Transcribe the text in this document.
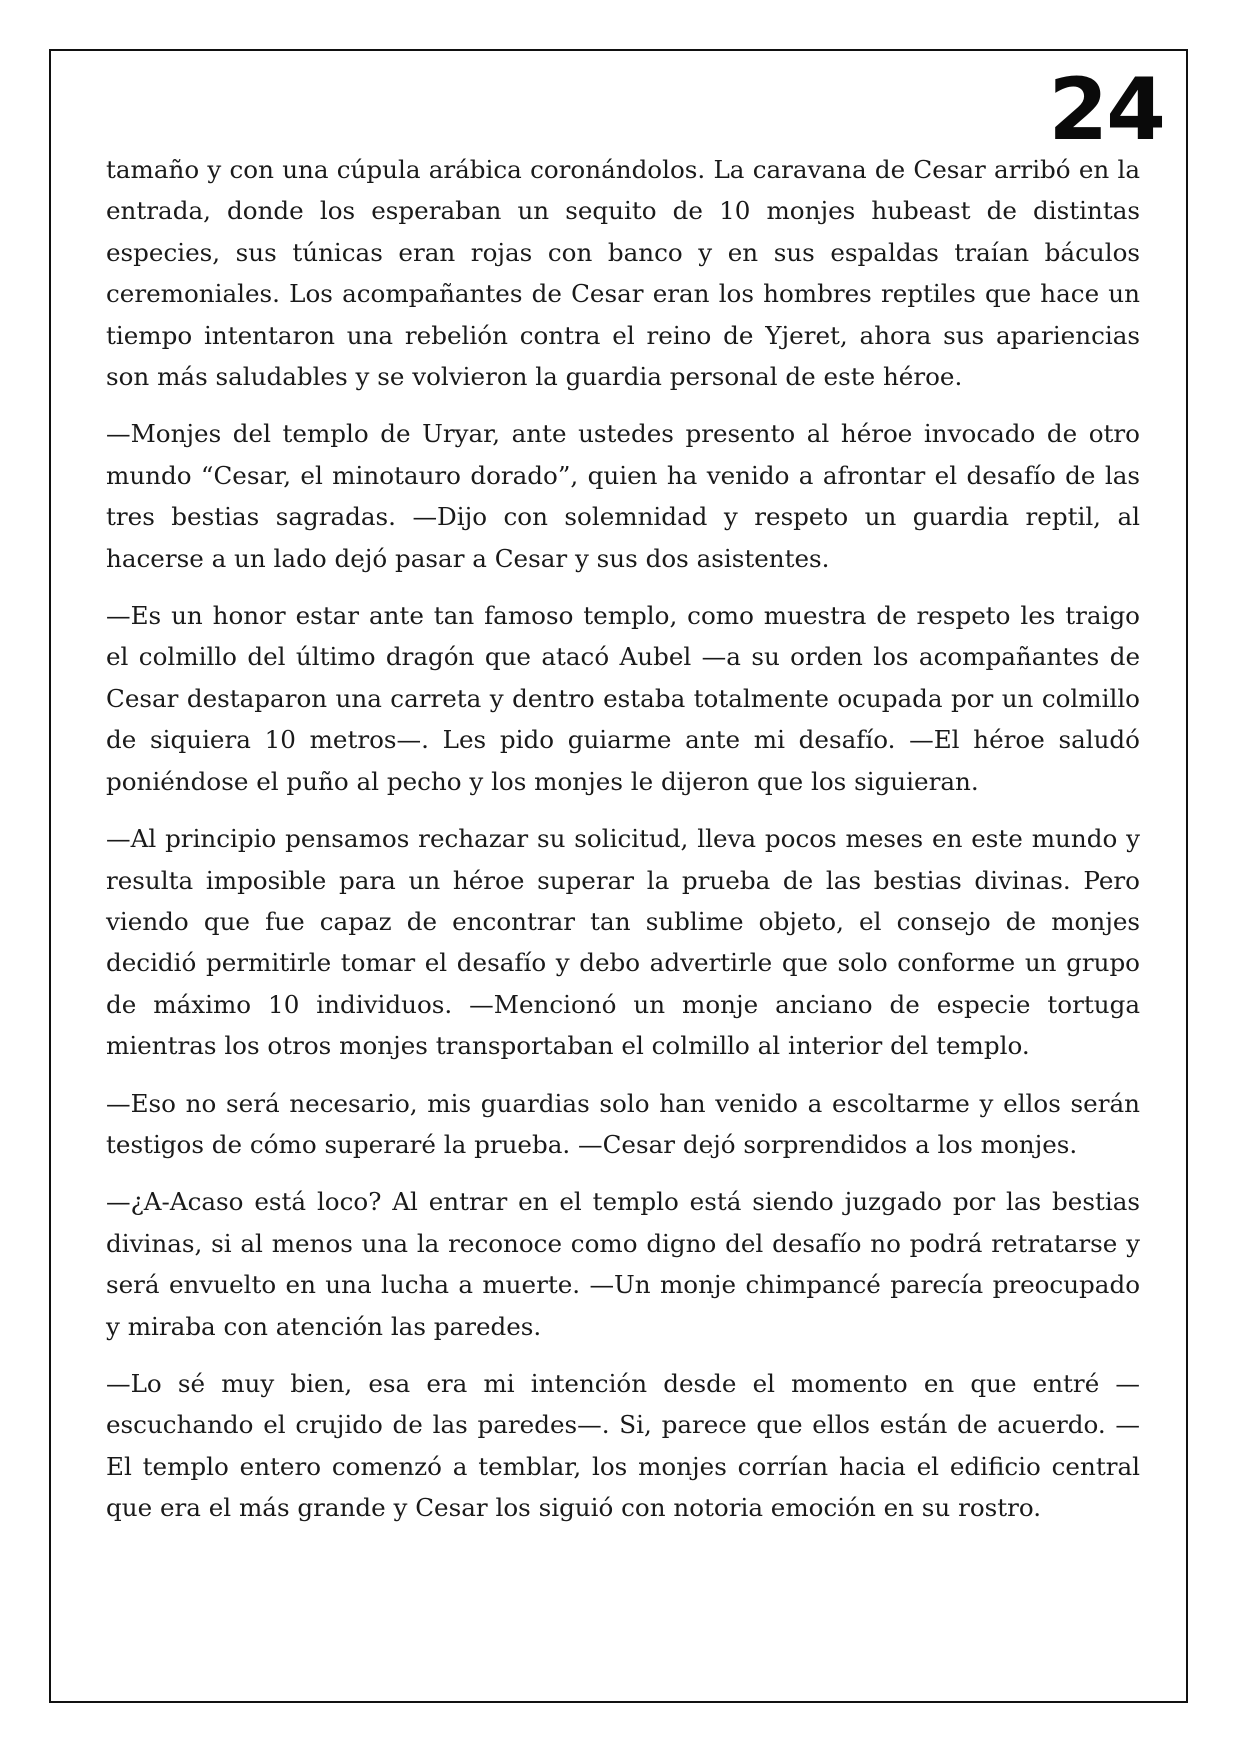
24

tamaño y con una cúpula arábica coronándolos. La caravana de Cesar arribó en la entrada, donde los esperaban un sequito de 10 monjes hubeast de distintas especies, sus túnicas eran rojas con banco y en sus espaldas traían báculos ceremoniales. Los acompañantes de Cesar eran los hombres reptiles que hace un tiempo intentaron una rebelión contra el reino de Yjeret, ahora sus apariencias son más saludables y se volvieron la guardia personal de este héroe.

—Monjes del templo de Uryar, ante ustedes presento al héroe invocado de otro mundo “Cesar, el minotauro dorado”, quien ha venido a afrontar el desafío de las tres bestias sagradas. —Dijo con solemnidad y respeto un guardia reptil, al hacerse a un lado dejó pasar a Cesar y sus dos asistentes.

—Es un honor estar ante tan famoso templo, como muestra de respeto les traigo el colmillo del último dragón que atacó Aubel —a su orden los acompañantes de Cesar destaparon una carreta y dentro estaba totalmente ocupada por un colmillo de siquiera 10 metros—. Les pido guiarme ante mi desafío. —El héroe saludó poniéndose el puño al pecho y los monjes le dijeron que los siguieran.

—Al principio pensamos rechazar su solicitud, lleva pocos meses en este mundo y resulta imposible para un héroe superar la prueba de las bestias divinas. Pero viendo que fue capaz de encontrar tan sublime objeto, el consejo de monjes decidió permitirle tomar el desafío y debo advertirle que solo conforme un grupo de máximo 10 individuos. —Mencionó un monje anciano de especie tortuga mientras los otros monjes transportaban el colmillo al interior del templo.

—Eso no será necesario, mis guardias solo han venido a escoltarme y ellos serán testigos de cómo superaré la prueba. —Cesar dejó sorprendidos a los monjes.

—¿A-Acaso está loco? Al entrar en el templo está siendo juzgado por las bestias divinas, si al menos una la reconoce como digno del desafío no podrá retratarse y será envuelto en una lucha a muerte. —Un monje chimpancé parecía preocupado y miraba con atención las paredes.

—Lo sé muy bien, esa era mi intención desde el momento en que entré —escuchando el crujido de las paredes—. Si, parece que ellos están de acuerdo. —El templo entero comenzó a temblar, los monjes corrían hacia el edificio central que era el más grande y Cesar los siguió con notoria emoción en su rostro.
